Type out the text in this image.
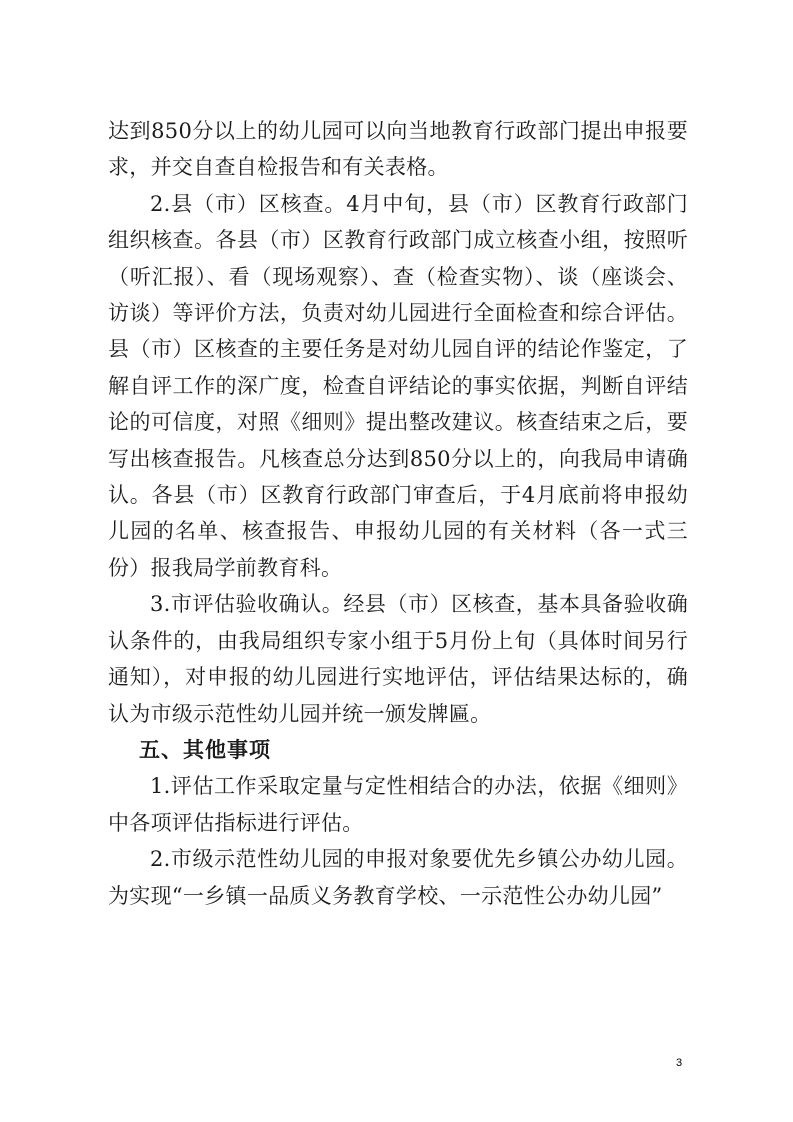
达到850分以上的幼儿园可以向当地教育行政部门提出申报要求，并交自查自检报告和有关表格。

2.县（市）区核查。4月中旬，县（市）区教育行政部门组织核查。各县（市）区教育行政部门成立核查小组，按照听（听汇报）、看（现场观察）、查（检查实物）、谈（座谈会、访谈）等评价方法，负责对幼儿园进行全面检查和综合评估。县（市）区核查的主要任务是对幼儿园自评的结论作鉴定，了解自评工作的深广度，检查自评结论的事实依据，判断自评结论的可信度，对照《细则》提出整改建议。核查结束之后，要写出核查报告。凡核查总分达到850分以上的，向我局申请确认。各县（市）区教育行政部门审查后，于4月底前将申报幼儿园的名单、核查报告、申报幼儿园的有关材料（各一式三份）报我局学前教育科。

3.市评估验收确认。经县（市）区核查，基本具备验收确认条件的，由我局组织专家小组于5月份上旬（具体时间另行通知），对申报的幼儿园进行实地评估，评估结果达标的，确认为市级示范性幼儿园并统一颁发牌匾。

五、其他事项

1.评估工作采取定量与定性相结合的办法，依据《细则》中各项评估指标进行评估。

2.市级示范性幼儿园的申报对象要优先乡镇公办幼儿园。为实现“一乡镇一品质义务教育学校、一示范性公办幼儿园”

3
